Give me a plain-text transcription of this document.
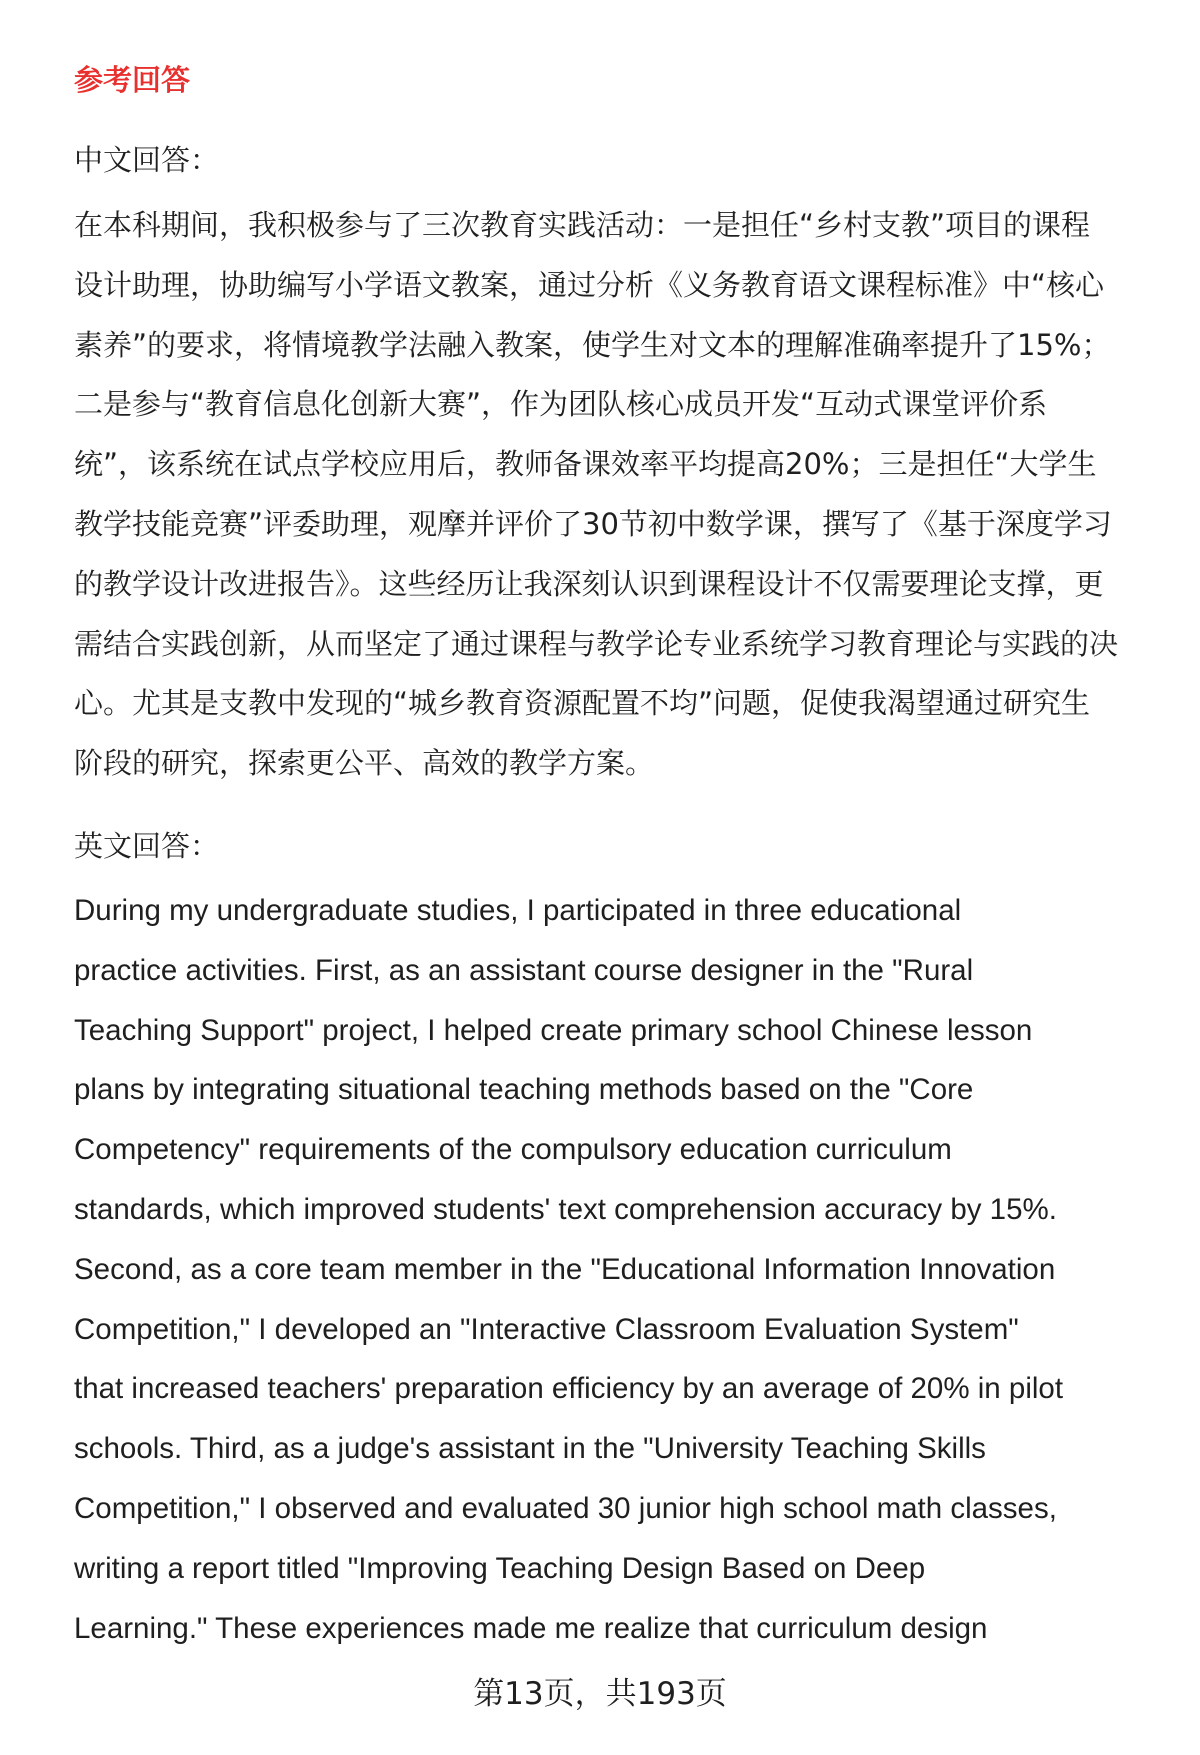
参考回答

中文回答：

在本科期间，我积极参与了三次教育实践活动：一是担任“乡村支教”项目的课程
设计助理，协助编写小学语文教案，通过分析《义务教育语文课程标准》中“核心
素养”的要求，将情境教学法融入教案，使学生对文本的理解准确率提升了15%；
二是参与“教育信息化创新大赛”，作为团队核心成员开发“互动式课堂评价系
统”，该系统在试点学校应用后，教师备课效率平均提高20%；三是担任“大学生
教学技能竞赛”评委助理，观摩并评价了30节初中数学课，撰写了《基于深度学习
的教学设计改进报告》。这些经历让我深刻认识到课程设计不仅需要理论支撑，更
需结合实践创新，从而坚定了通过课程与教学论专业系统学习教育理论与实践的决
心。尤其是支教中发现的“城乡教育资源配置不均”问题，促使我渴望通过研究生
阶段的研究，探索更公平、高效的教学方案。

英文回答：

During my undergraduate studies, I participated in three educational
practice activities. First, as an assistant course designer in the "Rural
Teaching Support" project, I helped create primary school Chinese lesson
plans by integrating situational teaching methods based on the "Core
Competency" requirements of the compulsory education curriculum
standards, which improved students' text comprehension accuracy by 15%.
Second, as a core team member in the "Educational Information Innovation
Competition," I developed an "Interactive Classroom Evaluation System"
that increased teachers' preparation efficiency by an average of 20% in pilot
schools. Third, as a judge's assistant in the "University Teaching Skills
Competition," I observed and evaluated 30 junior high school math classes,
writing a report titled "Improving Teaching Design Based on Deep
Learning." These experiences made me realize that curriculum design

第13页，共193页
